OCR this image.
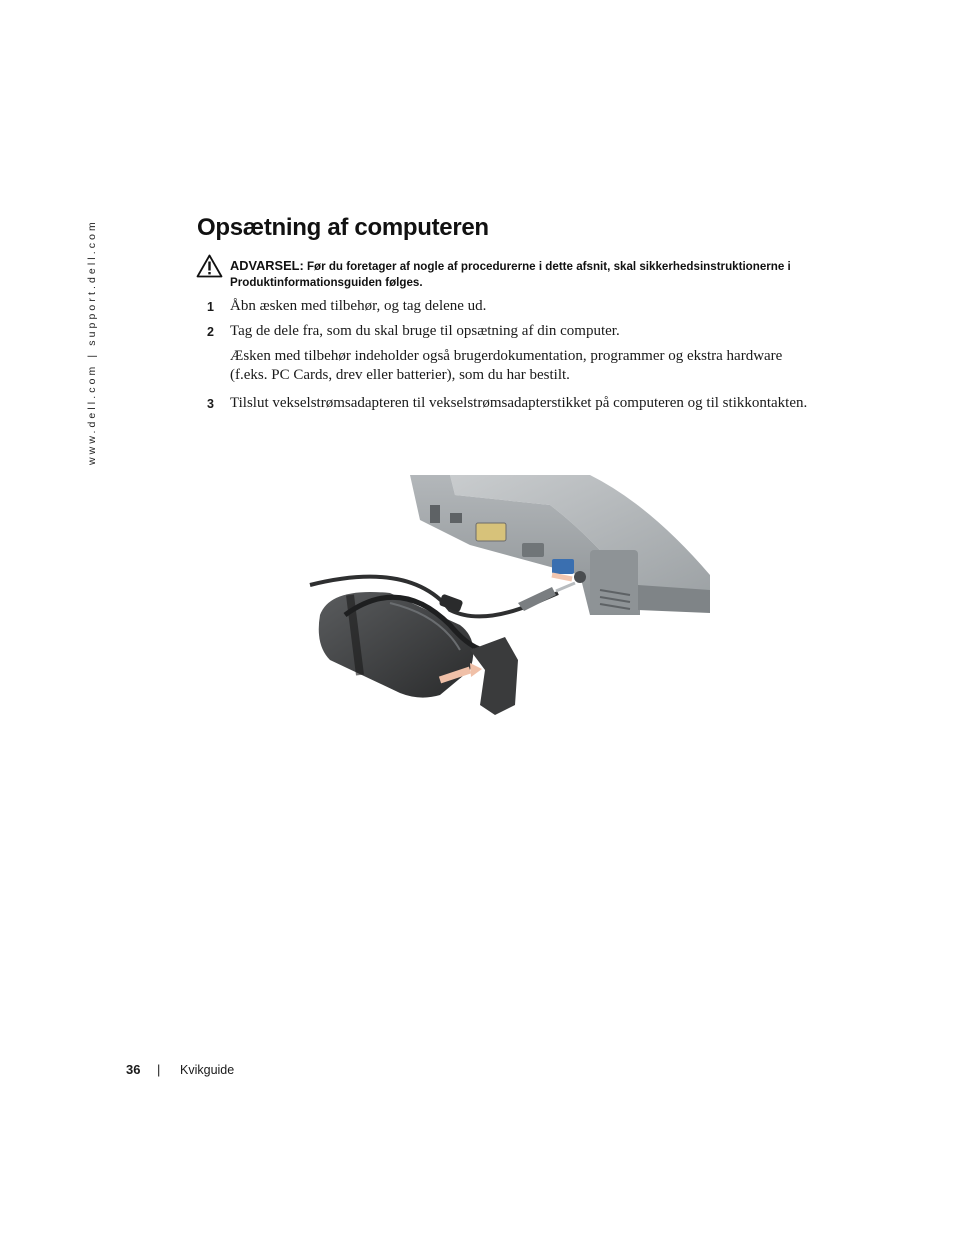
www.dell.com | support.dell.com	Opsætning af computeren
ADVARSEL: Før du foretager af nogle af procedurerne i dette afsnit, skal sikkerhedsinstruktionerne i Produktinformationsguiden følges.
1 Åbn æsken med tilbehør, og tag delene ud.
2 Tag de dele fra, som du skal bruge til opsætning af din computer.
Æsken med tilbehør indeholder også brugerdokumentation, programmer og ekstra hardware (f.eks. PC Cards, drev eller batterier), som du har bestilt.
3 Tilslut vekselstrømsadapteren til vekselstrømsadapterstikket på computeren og til stikkontakten.
36 | Kvikguide
